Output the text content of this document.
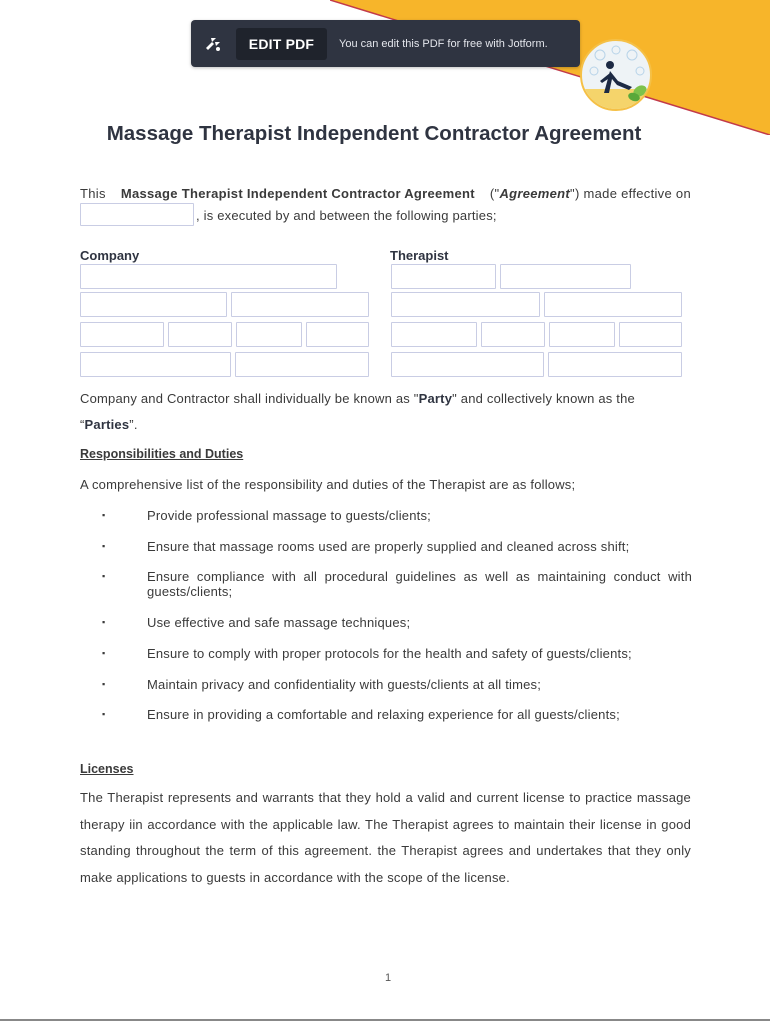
EDIT PDF	You can edit this PDF for free with Jotform.
Massage Therapist Independent Contractor Agreement
This Massage Therapist Independent Contractor Agreement ("Agreement") made effective on
, is executed by and between the following parties;
Company	Therapist

Company and Contractor shall individually be known as "Party" and collectively known as the
“Parties”.

Responsibilities and Duties

A comprehensive list of the responsibility and duties of the Therapist are as follows;

▪	Provide professional massage to guests/clients;
▪	Ensure that massage rooms used are properly supplied and cleaned across shift;
▪	Ensure compliance with all procedural guidelines as well as maintaining conduct with guests/clients;
▪	Use effective and safe massage techniques;
▪	Ensure to comply with proper protocols for the health and safety of guests/clients;
▪	Maintain privacy and confidentiality with guests/clients at all times;
▪	Ensure in providing a comfortable and relaxing experience for all guests/clients;
Licenses

The Therapist represents and warrants that they hold a valid and current license to practice massage therapy iin accordance with the applicable law. The Therapist agrees to maintain their license in good standing throughout the term of this agreement. the Therapist agrees and undertakes that they only make applications to guests in accordance with the scope of the license.

1
